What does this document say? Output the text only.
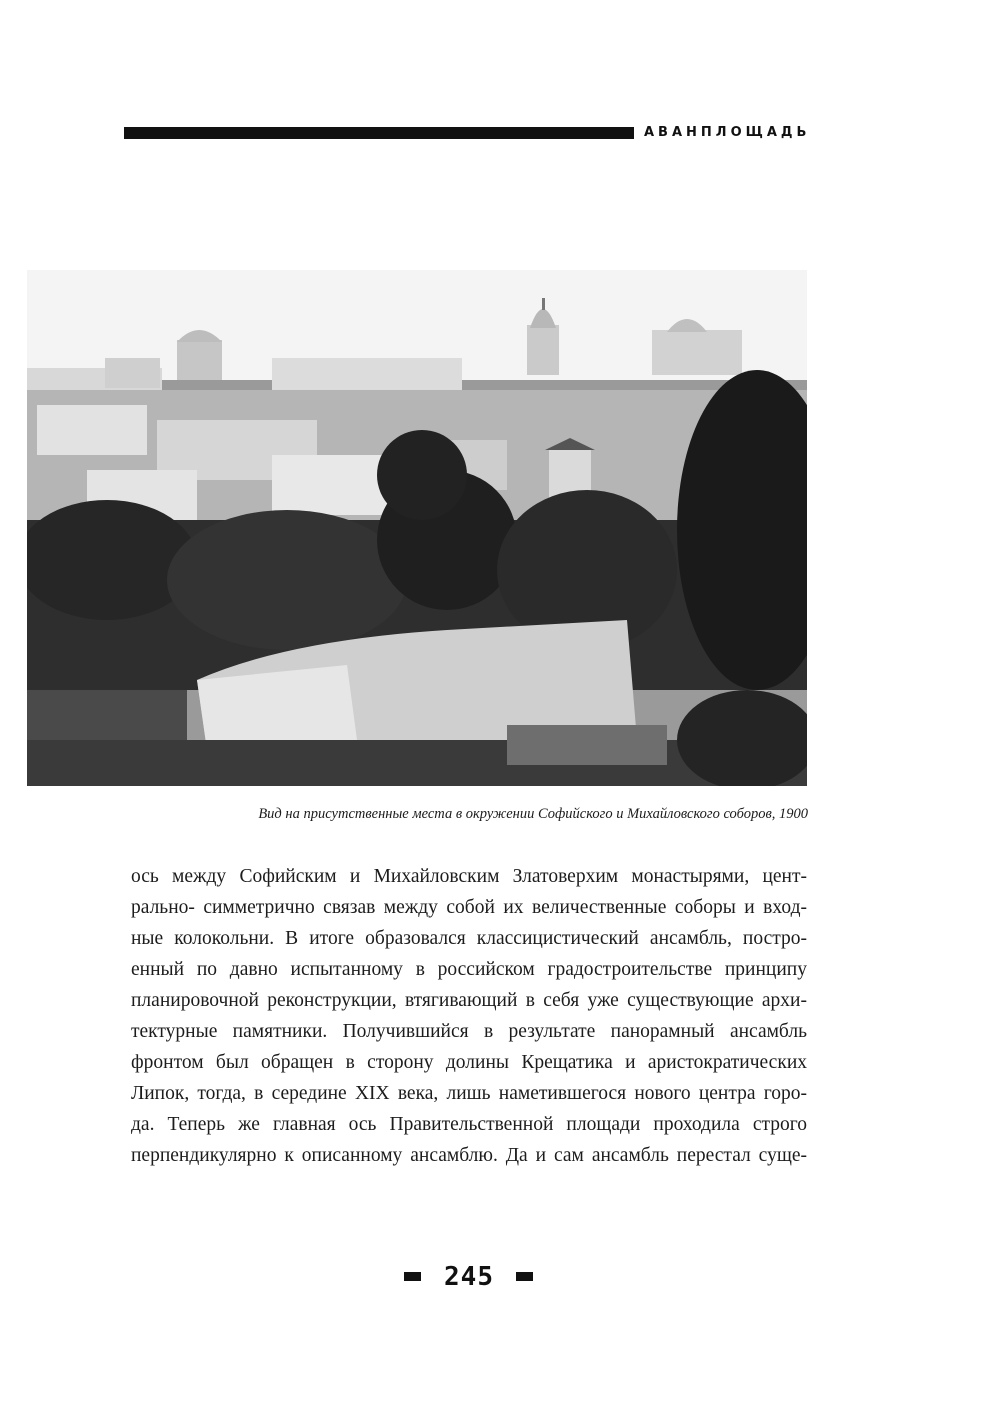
АВАНПЛОЩАДЬ
Вид на присутственные места в окружении Софийского и Михайловского соборов, 1900
ось между Софийским и Михайловским Златоверхим монастырями, цент-
рально- симметрично связав между собой их величественные соборы и вход-
ные колокольни. В итоге образовался классицистический ансамбль, постро-
енный по давно испытанному в российском градостроительстве принципу
планировочной реконструкции, втягивающий в себя уже существующие архи-
тектурные памятники. Получившийся в результате панорамный ансамбль
фронтом был обращен в сторону долины Крещатика и аристократических
Липок, тогда, в середине XIX века, лишь наметившегося нового центра горо-
да. Теперь же главная ось Правительственной площади проходила строго
перпендикулярно к описанному ансамблю. Да и сам ансамбль перестал суще-
245
